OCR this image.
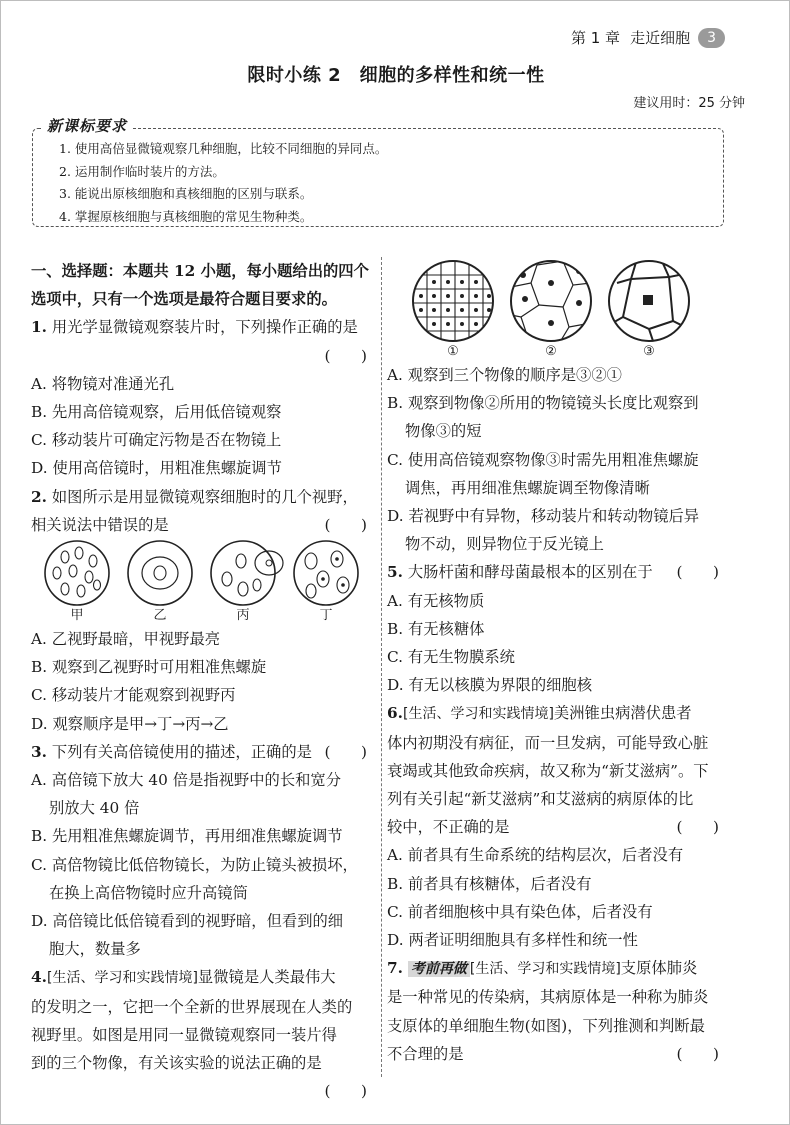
第 1 章 走近细胞	3
限时小练 2　细胞的多样性和统一性
建议用时：25 分钟
新课标要求
1. 使用高倍显微镜观察几种细胞，比较不同细胞的异同点。
2. 运用制作临时装片的方法。
3. 能说出原核细胞和真核细胞的区别与联系。
4. 掌握原核细胞与真核细胞的常见生物种类。
一、选择题：本题共 12 小题，每小题给出的四个
选项中，只有一个选项是最符合题目要求的。
1. 用光学显微镜观察装片时，下列操作正确的是
(　　)
A. 将物镜对准通光孔
B. 先用高倍镜观察，后用低倍镜观察
C. 移动装片可确定污物是否在物镜上
D. 使用高倍镜时，用粗准焦螺旋调节
2. 如图所示是用显微镜观察细胞时的几个视野，
相关说法中错误的是	(　　)
甲	乙	丙	丁
A. 乙视野最暗，甲视野最亮
B. 观察到乙视野时可用粗准焦螺旋
C. 移动装片才能观察到视野丙
D. 观察顺序是甲→丁→丙→乙
3. 下列有关高倍镜使用的描述，正确的是 (　　)
A. 高倍镜下放大 40 倍是指视野中的长和宽分
别放大 40 倍
B. 先用粗准焦螺旋调节，再用细准焦螺旋调节
C. 高倍物镜比低倍物镜长，为防止镜头被损坏，
在换上高倍物镜时应升高镜筒
D. 高倍镜比低倍镜看到的视野暗，但看到的细
胞大，数量多
4.[生活、学习和实践情境]显微镜是人类最伟大
的发明之一，它把一个全新的世界展现在人类的
视野里。如图是用同一显微镜观察同一装片得
到的三个物像，有关该实验的说法正确的是
(　　)
①	②	③
A. 观察到三个物像的顺序是③②①
B. 观察到物像②所用的物镜镜头长度比观察到
物像③的短
C. 使用高倍镜观察物像③时需先用粗准焦螺旋
调焦，再用细准焦螺旋调至物像清晰
D. 若视野中有异物，移动装片和转动物镜后异
物不动，则异物位于反光镜上
5. 大肠杆菌和酵母菌最根本的区别在于 (　　)
A. 有无核物质
B. 有无核糖体
C. 有无生物膜系统
D. 有无以核膜为界限的细胞核
6.[生活、学习和实践情境]美洲锥虫病潜伏患者
体内初期没有病征，而一旦发病，可能导致心脏
衰竭或其他致命疾病，故又称为“新艾滋病”。下
列有关引起“新艾滋病”和艾滋病的病原体的比
较中，不正确的是	(　　)
A. 前者具有生命系统的结构层次，后者没有
B. 前者具有核糖体，后者没有
C. 前者细胞核中具有染色体，后者没有
D. 两者证明细胞具有多样性和统一性
7. 考前再做 [生活、学习和实践情境]支原体肺炎
是一种常见的传染病，其病原体是一种称为肺炎
支原体的单细胞生物(如图)，下列推测和判断最
不合理的是	(　　)
